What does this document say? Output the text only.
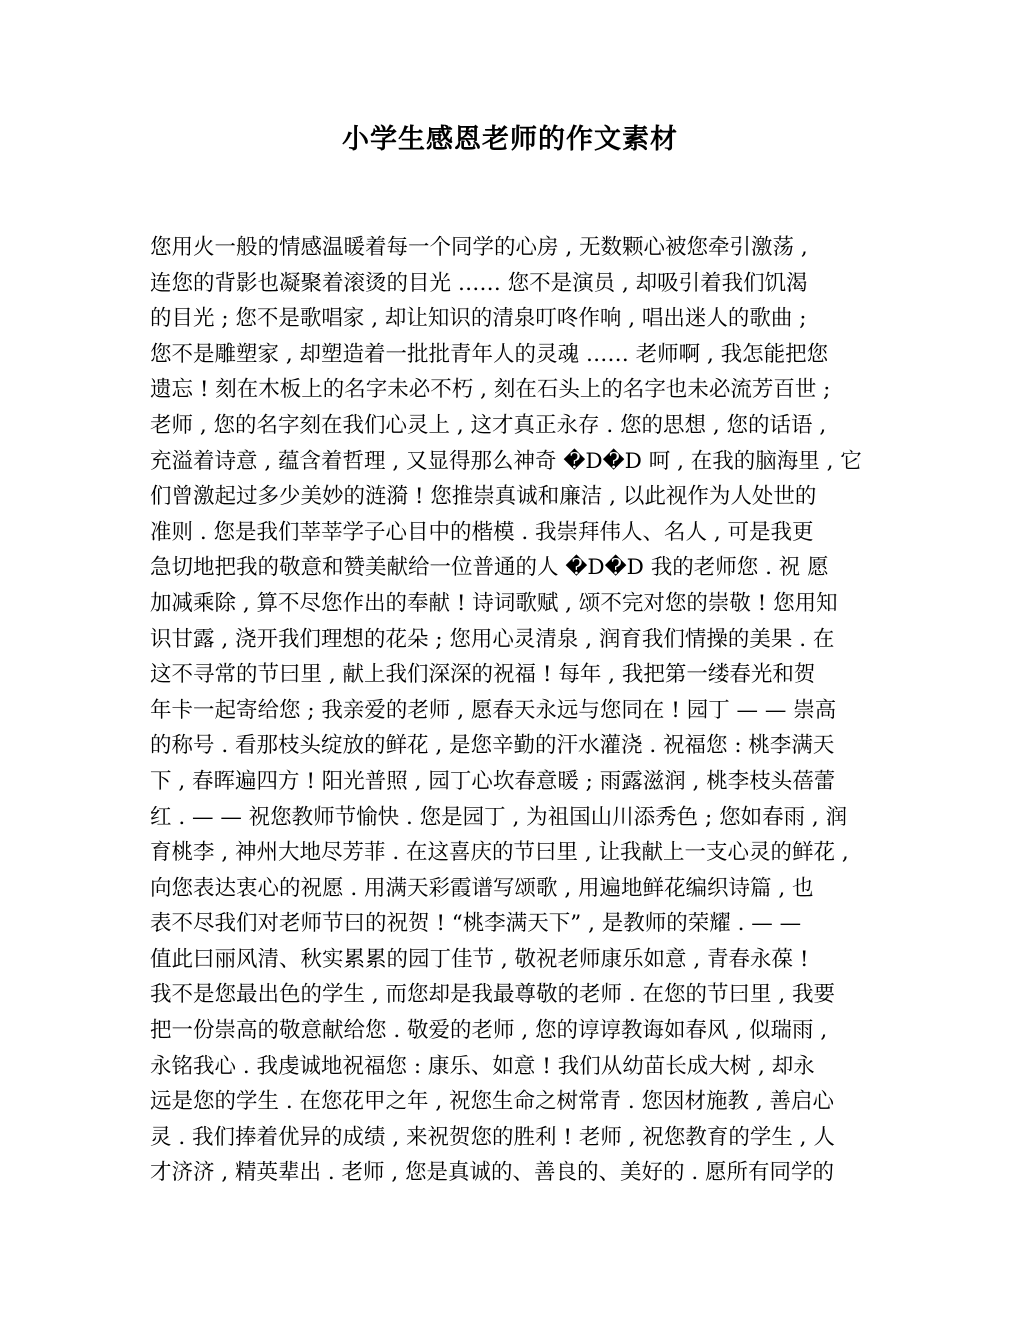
小学生感恩老师的作文素材
您用火一般的情感温暖着每一个同学的心房 , 无数颗心被您牵引激荡 ,
连您的背影也凝聚着滚烫的目光 …… 您不是演员 , 却吸引着我们饥渴
的目光 ; 您不是歌唱家 , 却让知识的清泉叮咚作响 , 唱出迷人的歌曲 ;
您不是雕塑家 , 却塑造着一批批青年人的灵魂 …… 老师啊 , 我怎能把您
遗忘 ! 刻在木板上的名字未必不朽 , 刻在石头上的名字也未必流芳百世 ;
老师 , 您的名字刻在我们心灵上 , 这才真正永存 . 您的思想 , 您的话语 ,
充溢着诗意 , 蕴含着哲理 , 又显得那么神奇 �D�D 呵 , 在我的脑海里 , 它
们曾激起过多少美妙的涟漪 ! 您推崇真诚和廉洁 , 以此视作为人处世的
准则 . 您是我们莘莘学子心目中的楷模 . 我崇拜伟人、名人 , 可是我更
急切地把我的敬意和赞美献给一位普通的人 �D�D 我的老师您 . 祝 愿
加减乘除 , 算不尽您作出的奉献 ! 诗词歌赋 , 颂不完对您的崇敬 ! 您用知
识甘露 , 浇开我们理想的花朵 ; 您用心灵清泉 , 润育我们情操的美果 . 在
这不寻常的节曰里 , 献上我们深深的祝福 ! 每年 , 我把第一缕春光和贺
年卡一起寄给您 ; 我亲爱的老师 , 愿春天永远与您同在 ! 园丁 — — 崇高
的称号 . 看那枝头绽放的鲜花 , 是您辛勤的汗水灌浇 . 祝福您 : 桃李满天
下 , 春晖遍四方 ! 阳光普照 , 园丁心坎春意暖 ; 雨露滋润 , 桃李枝头蓓蕾
红 . — — 祝您教师节愉快 . 您是园丁 , 为祖国山川添秀色 ; 您如春雨 , 润
育桃李 , 神州大地尽芳菲 . 在这喜庆的节曰里 , 让我献上一支心灵的鲜花 ,
向您表达衷心的祝愿 . 用满天彩霞谱写颂歌 , 用遍地鲜花编织诗篇 , 也
表不尽我们对老师节曰的祝贺 ! “桃李满天下” , 是教师的荣耀 . — —
值此曰丽风清、秋实累累的园丁佳节 , 敬祝老师康乐如意 , 青春永葆 !
我不是您最出色的学生 , 而您却是我最尊敬的老师 . 在您的节曰里 , 我要
把一份崇高的敬意献给您 . 敬爱的老师 , 您的谆谆教诲如春风 , 似瑞雨 ,
永铭我心 . 我虔诚地祝福您 : 康乐、如意 ! 我们从幼苗长成大树 , 却永
远是您的学生 . 在您花甲之年 , 祝您生命之树常青 . 您因材施教 , 善启心
灵 . 我们捧着优异的成绩 , 来祝贺您的胜利 ! 老师 , 祝您教育的学生 , 人
才济济 , 精英辈出 . 老师 , 您是真诚的、善良的、美好的 . 愿所有同学的
